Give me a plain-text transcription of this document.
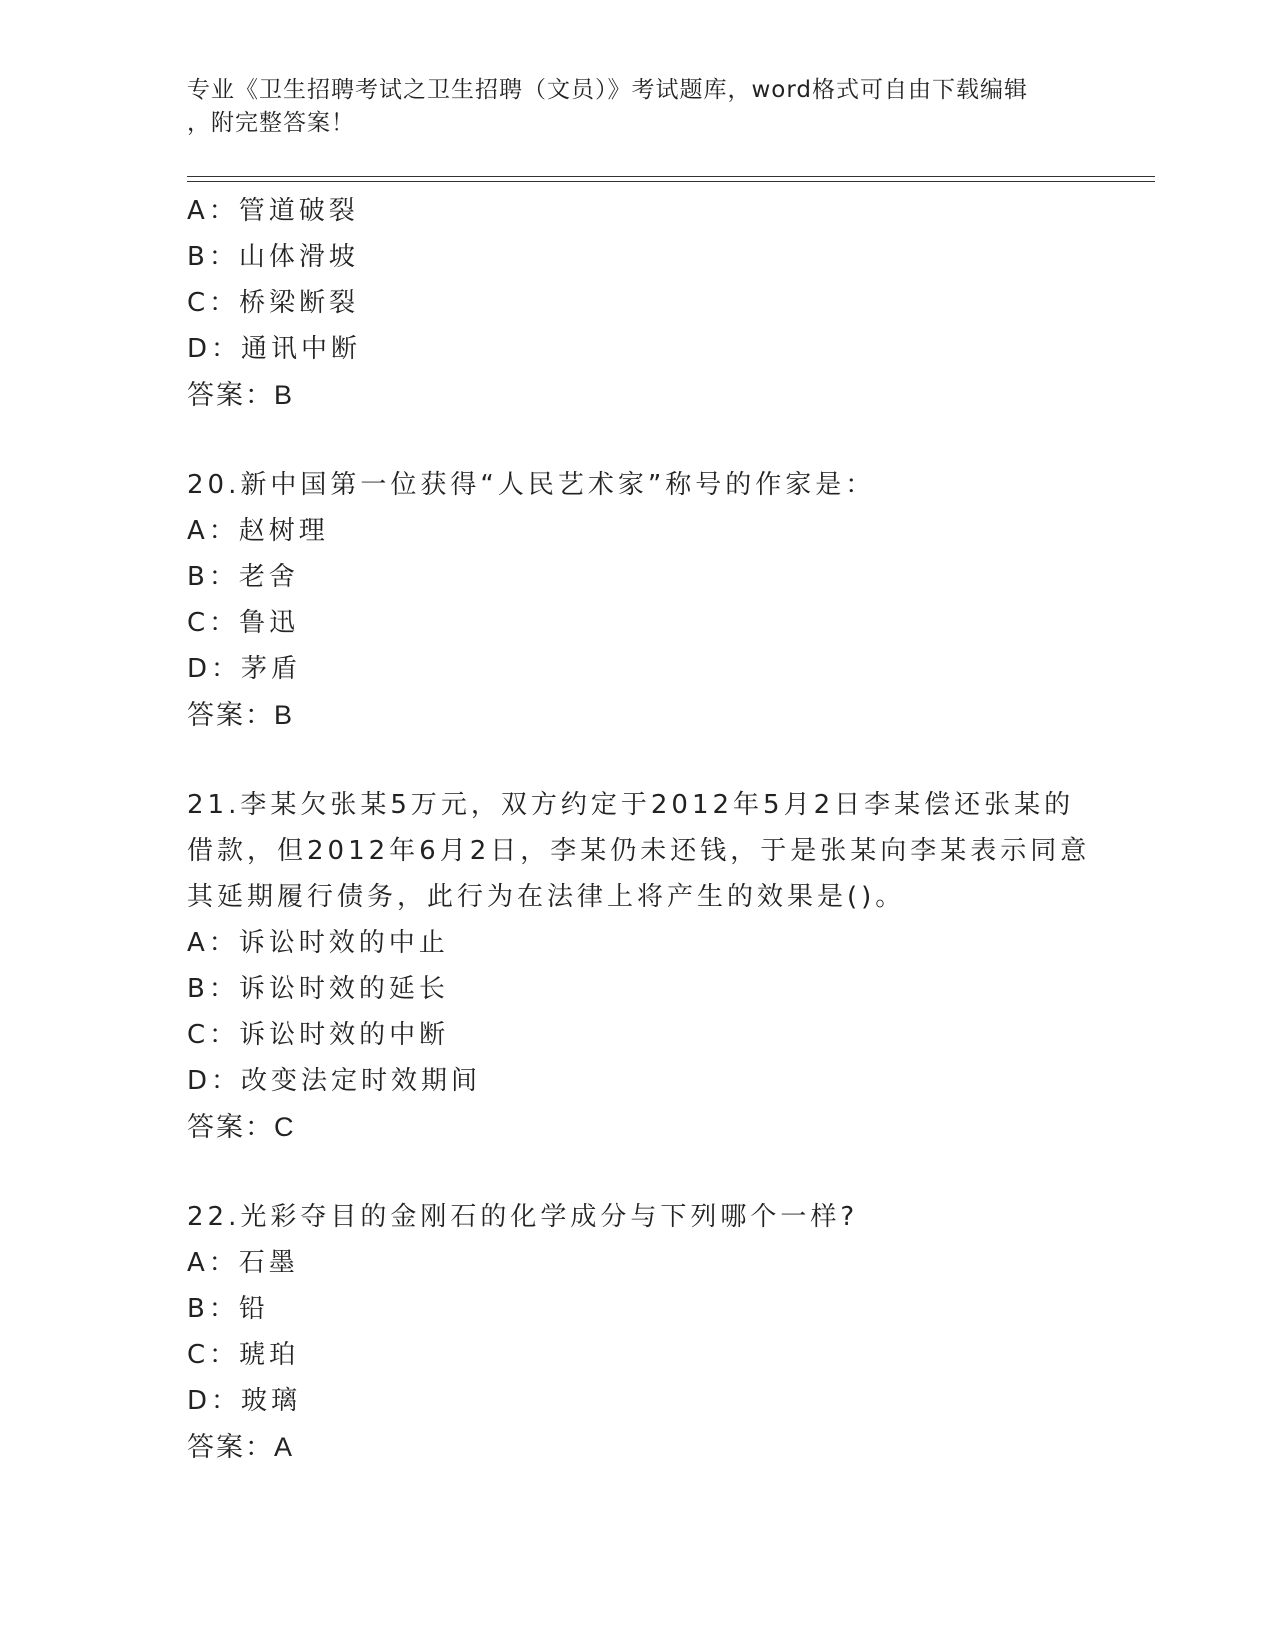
专业《卫生招聘考试之卫生招聘（文员）》考试题库，word格式可自由下载编辑
，附完整答案！
A：管道破裂
B：山体滑坡
C：桥梁断裂
D：通讯中断
答案：B
20.新中国第一位获得“人民艺术家”称号的作家是：
A：赵树理
B：老舍
C：鲁迅
D：茅盾
答案：B
21.李某欠张某5万元，双方约定于2012年5月2日李某偿还张某的
借款，但2012年6月2日，李某仍未还钱，于是张某向李某表示同意
其延期履行债务，此行为在法律上将产生的效果是()。
A：诉讼时效的中止
B：诉讼时效的延长
C：诉讼时效的中断
D：改变法定时效期间
答案：C
22.光彩夺目的金刚石的化学成分与下列哪个一样?
A：石墨
B：铅
C：琥珀
D：玻璃
答案：A
